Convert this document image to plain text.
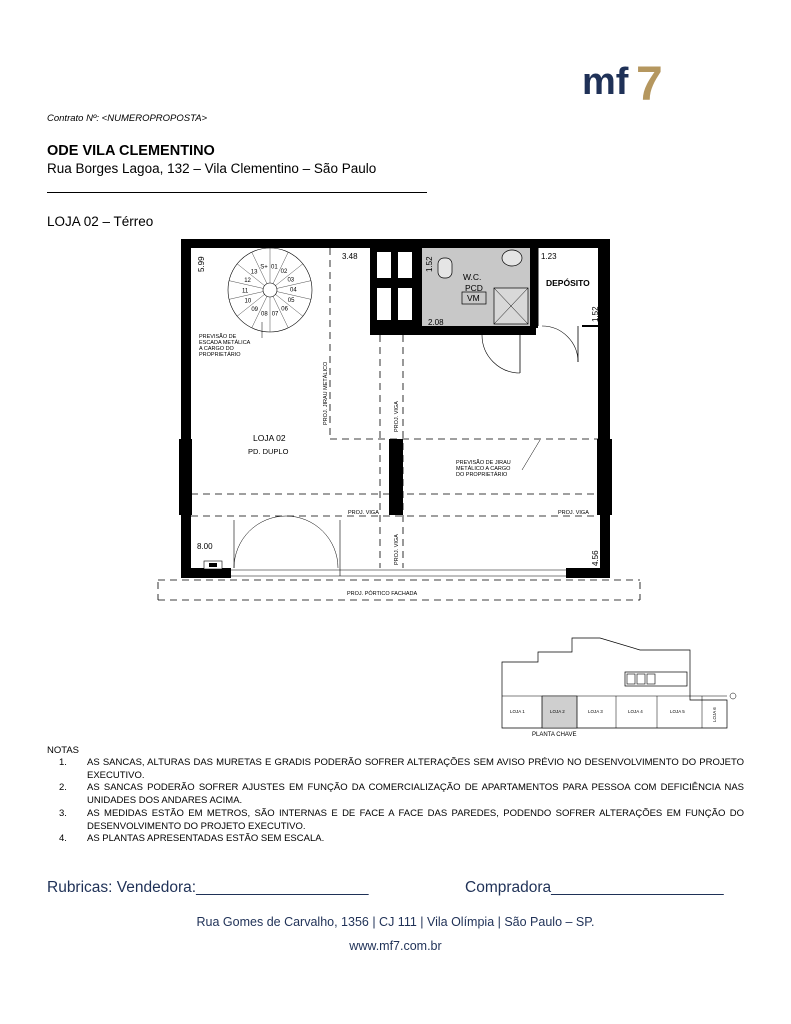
mf 7
Contrato Nº: <NUMEROPROPOSTA>
ODE VILA CLEMENTINO
Rua Borges Lagoa, 132 – Vila Clementino – São Paulo
LOJA 02 – Térreo
01
02
03
04
05
06
07
08
09
10
11
12
13
S+
5.99	3.48	1.52	1.23
1.52
2.08
8.00
4.56
W.C.
PCD
VM
DEPÓSITO
LOJA 02
PD. DUPLO
PREVISÃO DE
ESCADA METÁLICA
A CARGO DO
PROPRIETÁRIO
PREVISÃO DE JIRAU
METÁLICO A CARGO
DO PROPRIETÁRIO
PROJ. JIRAU METÁLICO	PROJ. VIGA
PROJ. VIGA
PROJ. VIGA	PROJ. VIGA
PROJ. PÓRTICO FACHADA
LOJA 1	LOJA 2	LOJA 3	LOJA 4	LOJA 5	LOJA 6
PLANTA CHAVE
NOTAS
1.	AS SANCAS, ALTURAS DAS MURETAS E GRADIS PODERÃO SOFRER ALTERAÇÕES SEM AVISO PRÉVIO NO DESENVOLVIMENTO DO PROJETO EXECUTIVO.
2.	AS SANCAS PODERÃO SOFRER AJUSTES EM FUNÇÃO DA COMERCIALIZAÇÃO DE APARTAMENTOS PARA PESSOA COM DEFICIÊNCIA NAS UNIDADES DOS ANDARES ACIMA.
3.	AS MEDIDAS ESTÃO EM METROS, SÃO INTERNAS E DE FACE A FACE DAS PAREDES, PODENDO SOFRER ALTERAÇÕES EM FUNÇÃO DO DESENVOLVIMENTO DO PROJETO EXECUTIVO.
4.	AS PLANTAS APRESENTADAS ESTÃO SEM ESCALA.
Rubricas: Vendedora:____________________	Compradora____________________
Rua Gomes de Carvalho, 1356 | CJ 111 | Vila Olímpia | São Paulo – SP.
www.mf7.com.br
